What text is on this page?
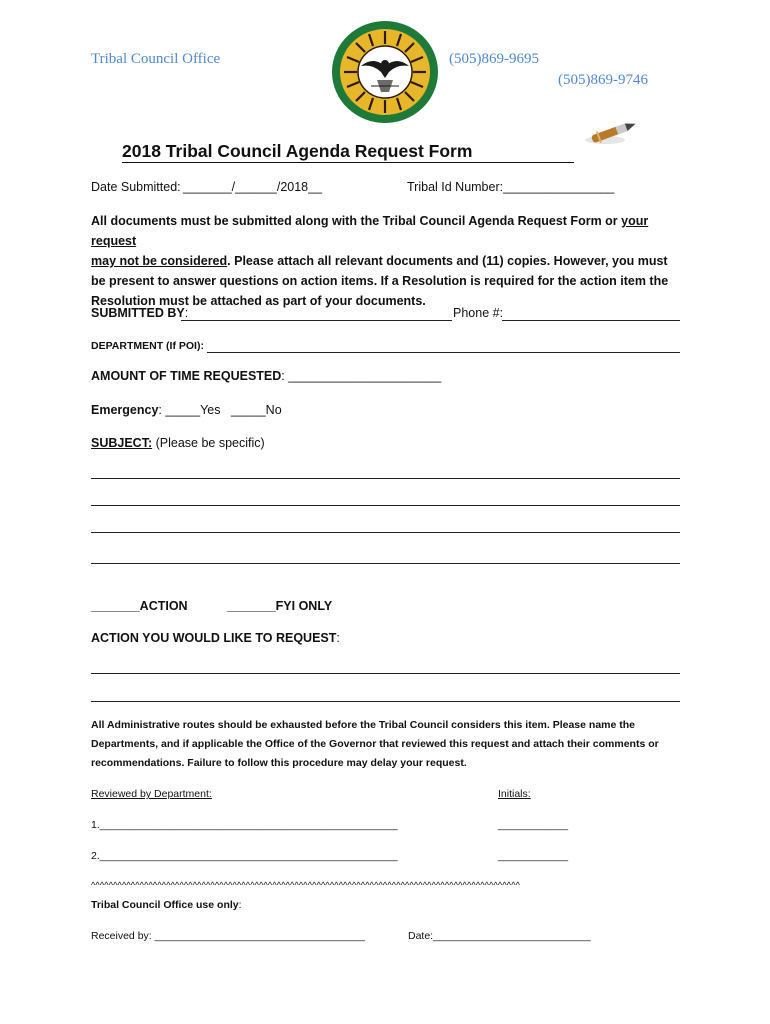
Tribal Council Office	(505)869-9695
(505)869-9746
2018 Tribal Council Agenda Request Form
Date Submitted: _______/______/2018__	Tribal Id Number:________________
All documents must be submitted along with the Tribal Council Agenda Request Form or your request
may not be considered. Please attach all relevant documents and (11) copies. However, you must be present to answer questions on action items. If a Resolution is required for the action item the Resolution must be attached as part of your documents.
SUBMITTED BY:	Phone #:
DEPARTMENT (If POI):
AMOUNT OF TIME REQUESTED: ______________________
Emergency: _____Yes   _____No
SUBJECT: (Please be specific)
_______ACTION	_______FYI ONLY
ACTION YOU WOULD LIKE TO REQUEST:
All Administrative routes should be exhausted before the Tribal Council considers this item. Please name the Departments, and if applicable the Office of the Governor that reviewed this request and attach their comments or recommendations. Failure to follow this procedure may delay your request.
Reviewed by Department:	Initials:
1.___________________________________________________	____________
2.___________________________________________________	____________
^^^^^^^^^^^^^^^^^^^^^^^^^^^^^^^^^^^^^^^^^^^^^^^^^^^^^^^^^^^^^^^^^^^^^^^^^^^^^^^^^^^^^^^^^^^^^^^^^
Tribal Council Office use only:
Received by: ____________________________________	Date:___________________________
